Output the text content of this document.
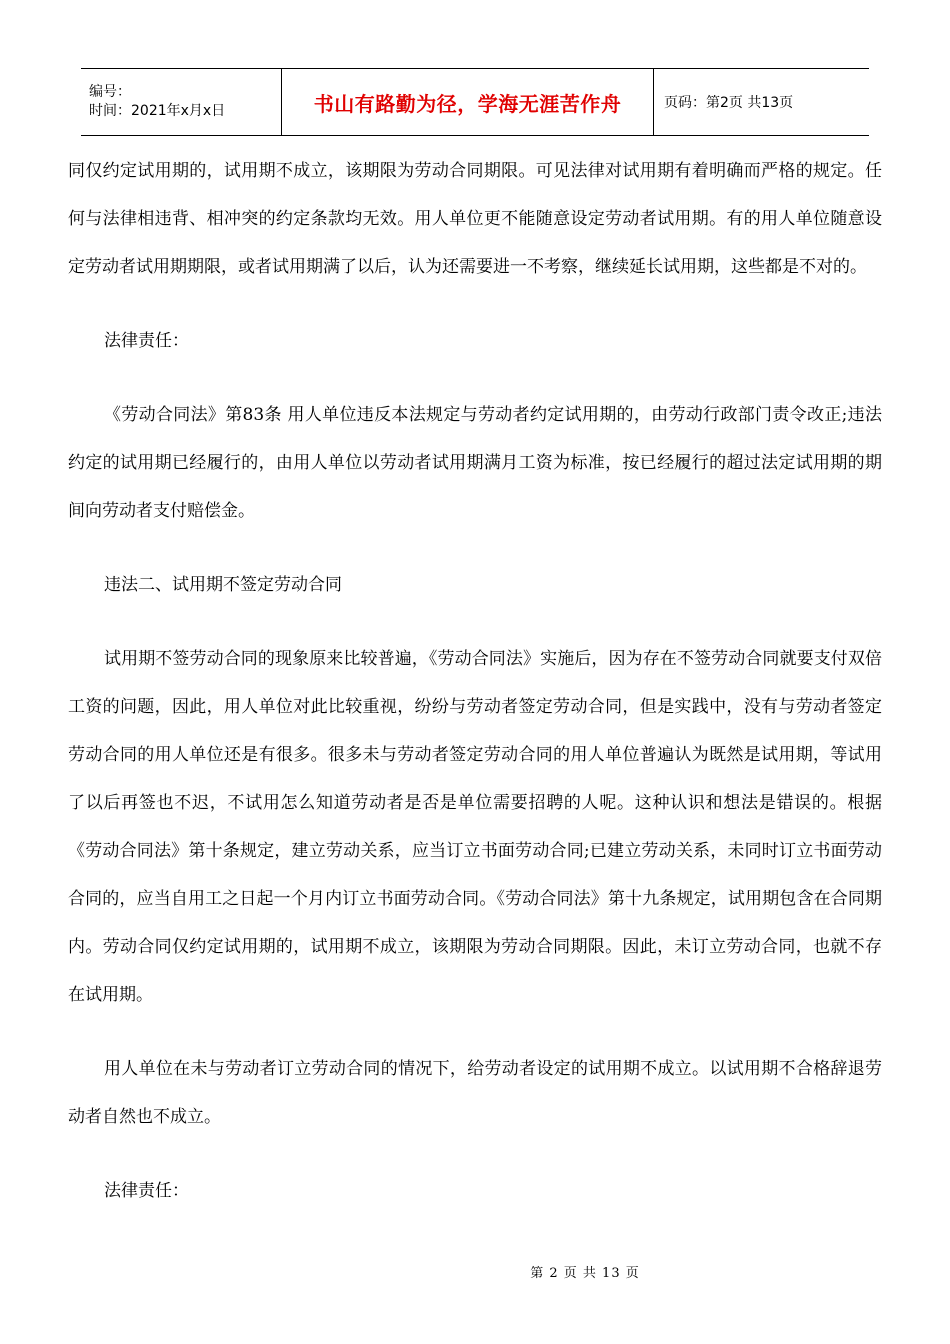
编号：
时间：2021年x月x日	书山有路勤为径，学海无涯苦作舟	页码：第2页 共13页

同仅约定试用期的，试用期不成立，该期限为劳动合同期限。可见法律对试用期有着明确而严格的规定。任何与法律相违背、相冲突的约定条款均无效。用人单位更不能随意设定劳动者试用期。有的用人单位随意设定劳动者试用期期限，或者试用期满了以后，认为还需要进一不考察，继续延长试用期，这些都是不对的。

法律责任：

《劳动合同法》第83条 用人单位违反本法规定与劳动者约定试用期的，由劳动行政部门责令改正;违法约定的试用期已经履行的，由用人单位以劳动者试用期满月工资为标准，按已经履行的超过法定试用期的期间向劳动者支付赔偿金。

违法二、试用期不签定劳动合同

试用期不签劳动合同的现象原来比较普遍，《劳动合同法》实施后，因为存在不签劳动合同就要支付双倍工资的问题，因此，用人单位对此比较重视，纷纷与劳动者签定劳动合同，但是实践中，没有与劳动者签定劳动合同的用人单位还是有很多。很多未与劳动者签定劳动合同的用人单位普遍认为既然是试用期，等试用了以后再签也不迟，不试用怎么知道劳动者是否是单位需要招聘的人呢。这种认识和想法是错误的。根据《劳动合同法》第十条规定，建立劳动关系，应当订立书面劳动合同;已建立劳动关系，未同时订立书面劳动合同的，应当自用工之日起一个月内订立书面劳动合同。《劳动合同法》第十九条规定，试用期包含在合同期内。劳动合同仅约定试用期的，试用期不成立，该期限为劳动合同期限。因此，未订立劳动合同，也就不存在试用期。

用人单位在未与劳动者订立劳动合同的情况下，给劳动者设定的试用期不成立。以试用期不合格辞退劳动者自然也不成立。

法律责任：

第 2 页 共 13 页
